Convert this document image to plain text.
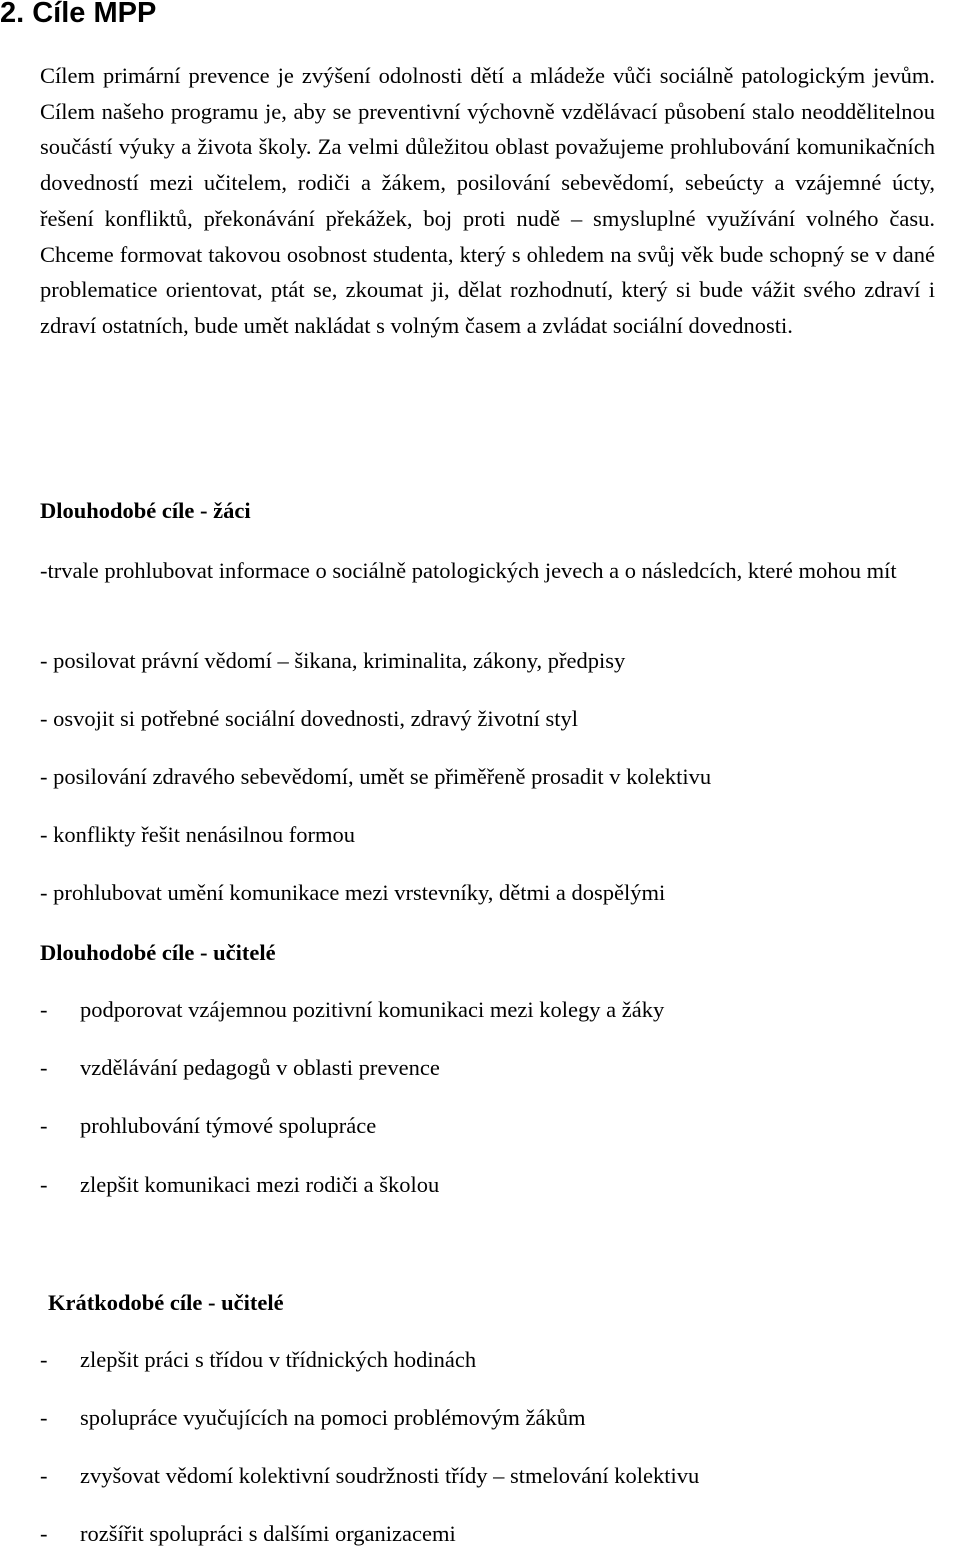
2. Cíle MPP
Cílem primární prevence je zvýšení odolnosti dětí a mládeže vůči sociálně patologickým jevům. Cílem našeho programu je, aby se preventivní výchovně vzdělávací působení stalo neoddělitelnou součástí výuky a života školy. Za velmi důležitou oblast považujeme prohlubování komunikačních dovedností mezi učitelem, rodiči a žákem, posilování sebevědomí, sebeúcty a vzájemné úcty, řešení konfliktů, překonávání překážek, boj proti nudě – smysluplné využívání volného času. Chceme formovat takovou osobnost studenta, který s ohledem na svůj věk bude schopný se v dané problematice orientovat, ptát se, zkoumat ji, dělat rozhodnutí, který si bude vážit svého zdraví i zdraví ostatních, bude umět nakládat s volným časem a zvládat sociální dovednosti.
Dlouhodobé cíle - žáci
-trvale prohlubovat informace o sociálně patologických jevech a o následcích, které mohou mít
- posilovat právní vědomí – šikana, kriminalita, zákony, předpisy
- osvojit si potřebné sociální dovednosti, zdravý životní styl
- posilování zdravého sebevědomí, umět se přiměřeně prosadit v kolektivu
- konflikty řešit nenásilnou formou
- prohlubovat umění komunikace mezi vrstevníky, dětmi a dospělými
Dlouhodobé cíle - učitelé
- podporovat vzájemnou pozitivní komunikaci mezi kolegy a žáky
- vzdělávání pedagogů v oblasti prevence
- prohlubování týmové spolupráce
- zlepšit komunikaci mezi rodiči a školou
Krátkodobé cíle - učitelé
- zlepšit práci s třídou v třídnických hodinách
- spolupráce vyučujících na pomoci problémovým žákům
- zvyšovat vědomí kolektivní soudržnosti třídy – stmelování kolektivu
- rozšířit spolupráci s dalšími organizacemi
